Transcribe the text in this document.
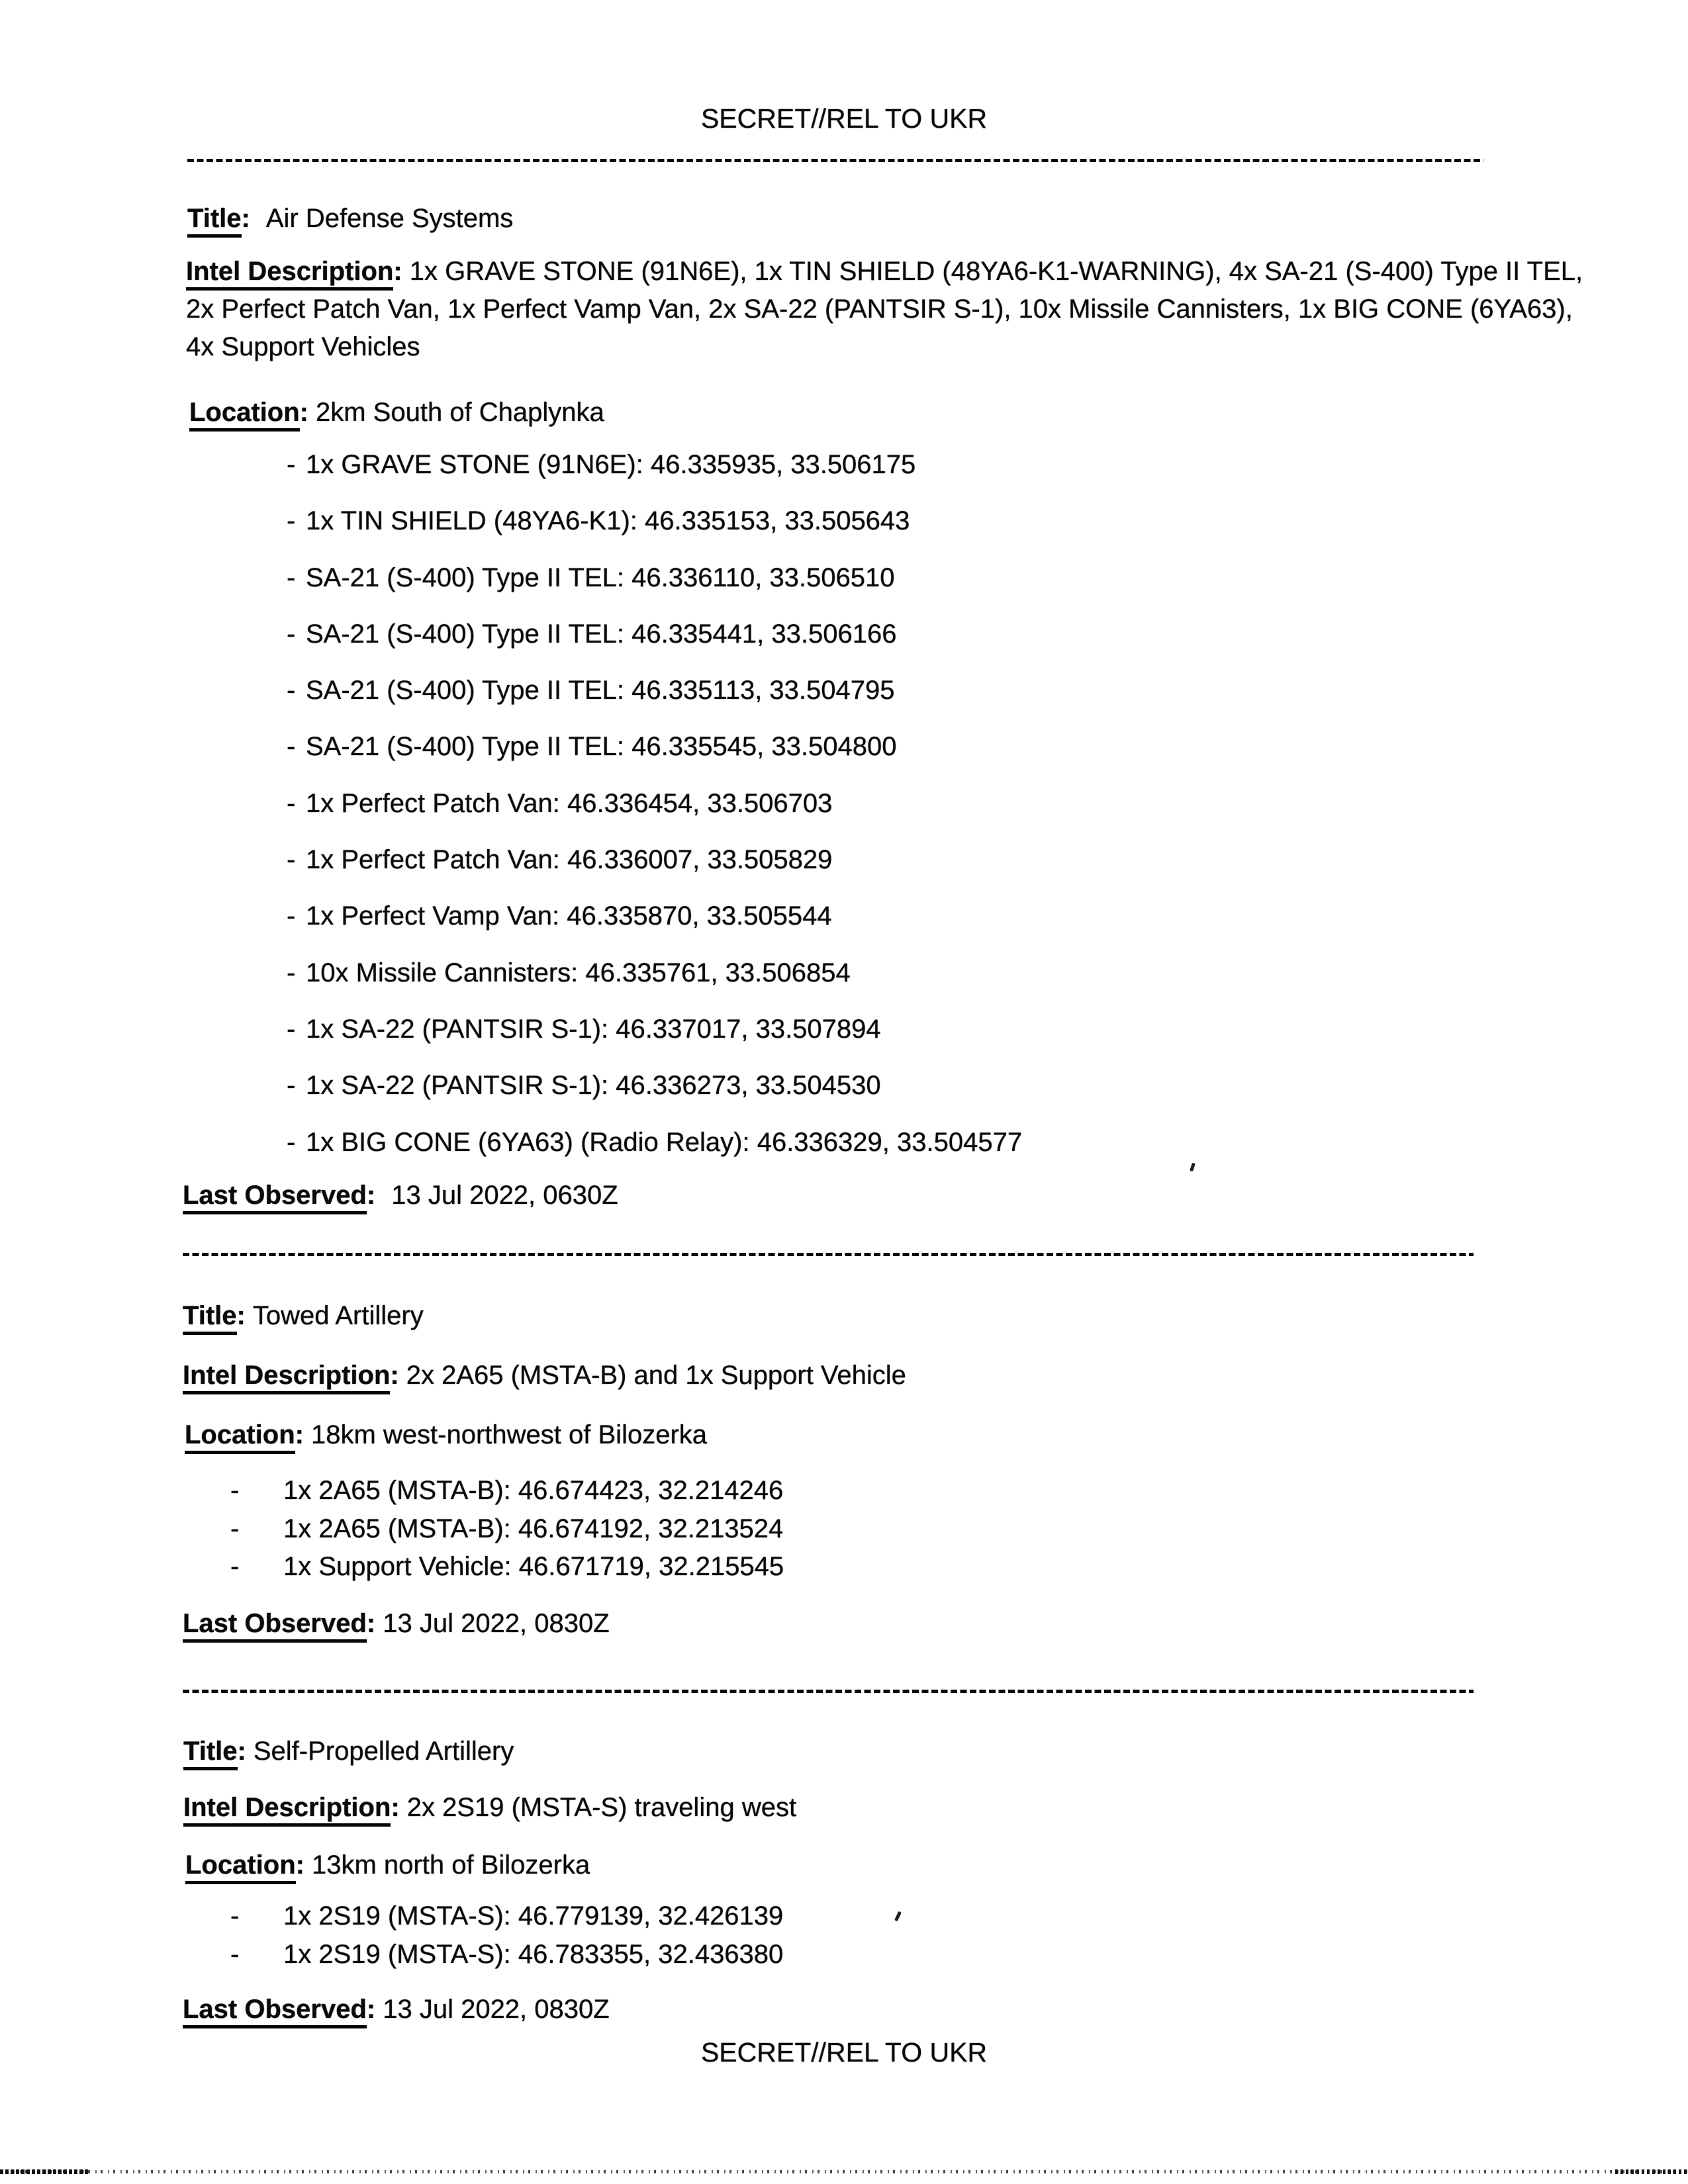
SECRET//REL TO UKR
Title: Air Defense Systems
Intel Description: 1x GRAVE STONE (91N6E), 1x TIN SHIELD (48YA6-K1-WARNING), 4x SA-21 (S-400) Type II TEL,
2x Perfect Patch Van, 1x Perfect Vamp Van, 2x SA-22 (PANTSIR S-1), 10x Missile Cannisters, 1x BIG CONE (6YA63),
4x Support Vehicles
Location: 2km South of Chaplynka
- 1x GRAVE STONE (91N6E): 46.335935, 33.506175
- 1x TIN SHIELD (48YA6-K1): 46.335153, 33.505643
- SA-21 (S-400) Type II TEL: 46.336110, 33.506510
- SA-21 (S-400) Type II TEL: 46.335441, 33.506166
- SA-21 (S-400) Type II TEL: 46.335113, 33.504795
- SA-21 (S-400) Type II TEL: 46.335545, 33.504800
- 1x Perfect Patch Van: 46.336454, 33.506703
- 1x Perfect Patch Van: 46.336007, 33.505829
- 1x Perfect Vamp Van: 46.335870, 33.505544
- 10x Missile Cannisters: 46.335761, 33.506854
- 1x SA-22 (PANTSIR S-1): 46.337017, 33.507894
- 1x SA-22 (PANTSIR S-1): 46.336273, 33.504530
- 1x BIG CONE (6YA63) (Radio Relay): 46.336329, 33.504577
Last Observed: 13 Jul 2022, 0630Z
Title: Towed Artillery
Intel Description: 2x 2A65 (MSTA-B) and 1x Support Vehicle
Location: 18km west-northwest of Bilozerka
- 1x 2A65 (MSTA-B): 46.674423, 32.214246
- 1x 2A65 (MSTA-B): 46.674192, 32.213524
- 1x Support Vehicle: 46.671719, 32.215545
Last Observed: 13 Jul 2022, 0830Z
Title: Self-Propelled Artillery
Intel Description: 2x 2S19 (MSTA-S) traveling west
Location: 13km north of Bilozerka
- 1x 2S19 (MSTA-S): 46.779139, 32.426139
- 1x 2S19 (MSTA-S): 46.783355, 32.436380
Last Observed: 13 Jul 2022, 0830Z
SECRET//REL TO UKR
